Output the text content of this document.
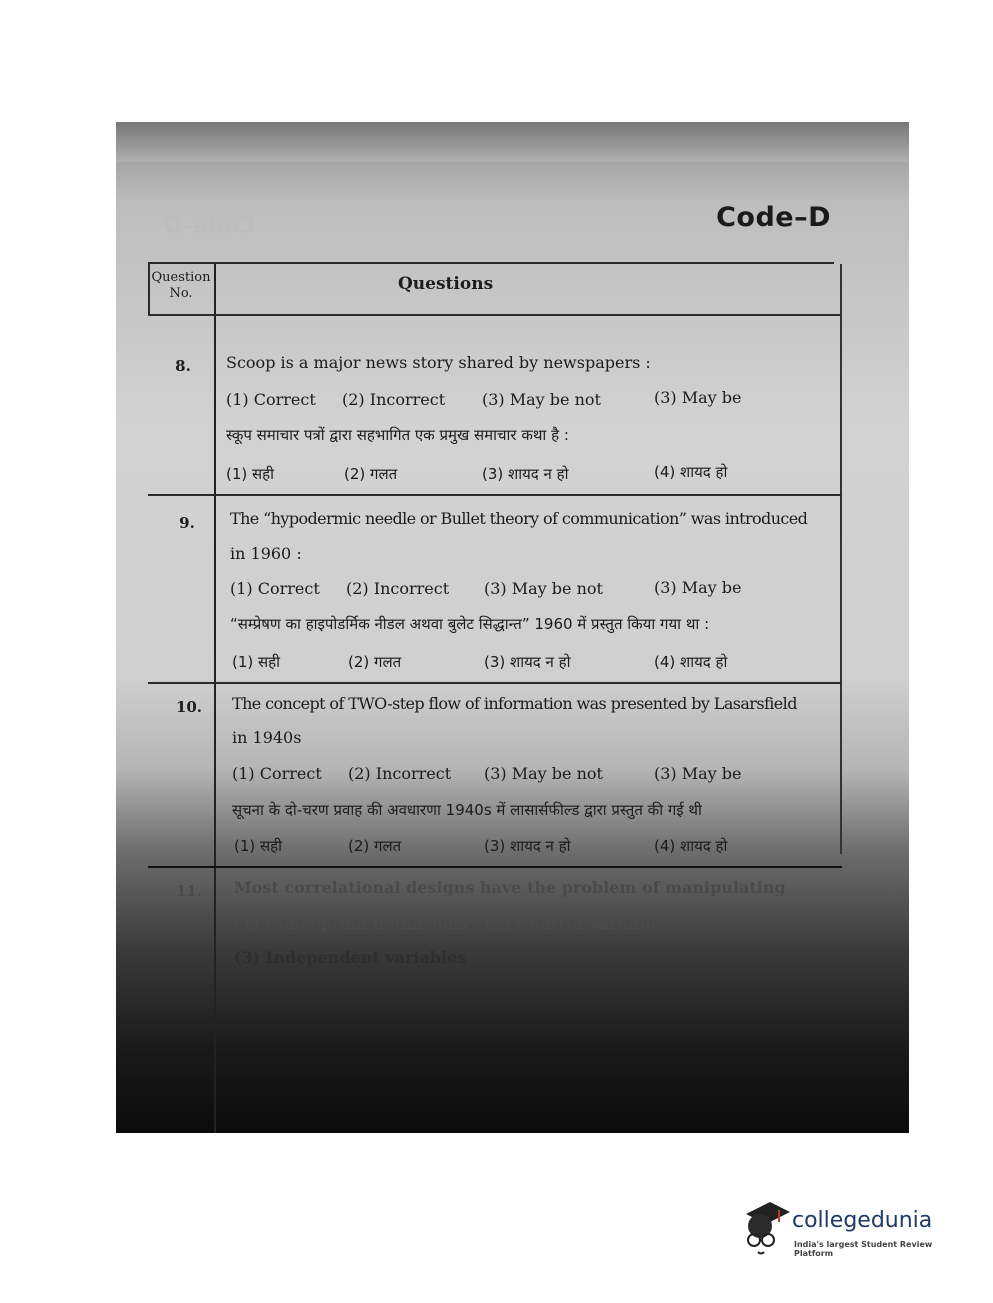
Code–D	Code–D
Question No.	Questions
8.	Scoop is a major news story shared by newspapers :
(1) Correct (2) Incorrect (3) May be not	(3) May be
स्कूप समाचार पत्रों द्वारा सहभागित एक प्रमुख समाचार कथा है :
(1) सही	(2) गलत	(3) शायद न हो	(4) शायद हो
9.	The “hypodermic needle or Bullet theory of communication” was introduced
in 1960 :
(1) Correct (2) Incorrect (3) May be not	(3) May be
“सम्प्रेषण का हाइपोडर्मिक नीडल अथवा बुलेट सिद्धान्त” 1960 में प्रस्तुत किया गया था :
(1) सही	(2) गलत	(3) शायद न हो	(4) शायद हो
10.	The concept of TWO-step flow of information was presented by Lasarsfield
in 1940s
(1) Correct (2) Incorrect (3) May be not	(3) May be
सूचना के दो-चरण प्रवाह की अवधारणा 1940s में लासार्सफील्ड द्वारा प्रस्तुत की गई थी
(1) सही	(2) गलत	(3) शायद न हो	(4) शायद हो
11.	Most correlational designs have the problem of manipulating
(1) Conceptual definitions (2) Control variables
(3) Independent variables
collegedunia
India's largest Student Review Platform
